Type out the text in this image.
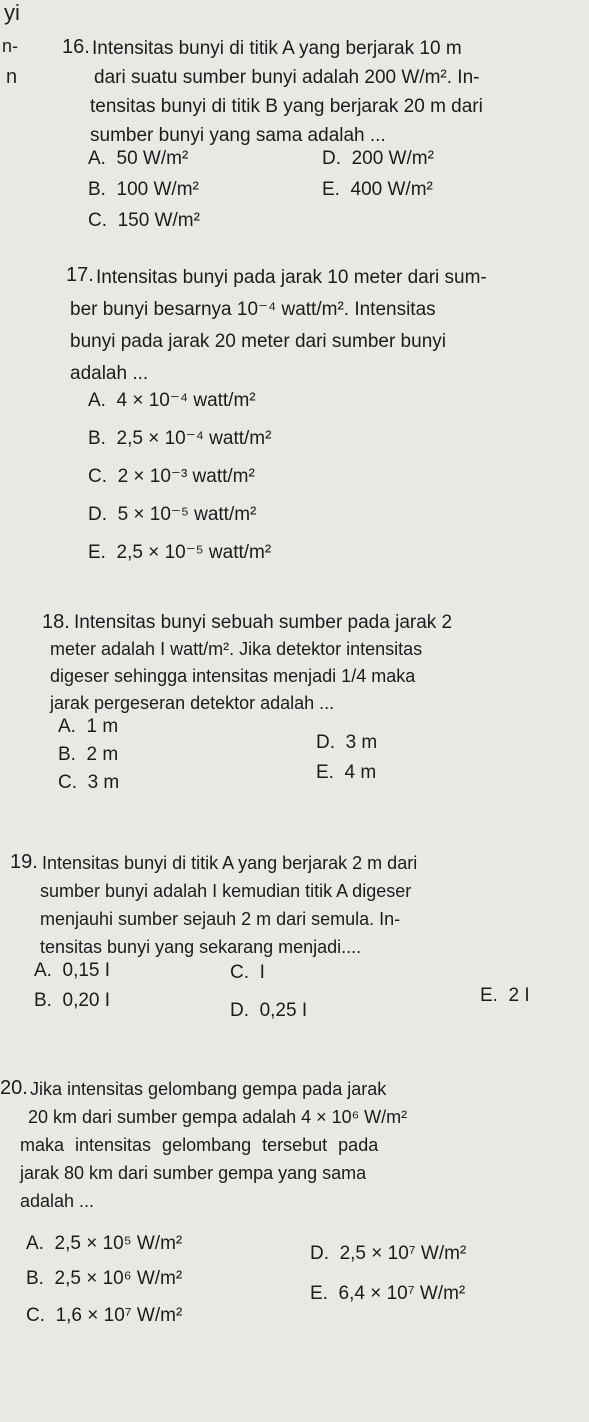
yi
n-
n
16. Intensitas bunyi di titik A yang berjarak 10 m
dari suatu sumber bunyi adalah 200 W/m². In-
tensitas bunyi di titik B yang berjarak 20 m dari
sumber bunyi yang sama adalah ...
A. 50 W/m²
B. 100 W/m²
C. 150 W/m²
D. 200 W/m²
E. 400 W/m²
17. Intensitas bunyi pada jarak 10 meter dari sum-
ber bunyi besarnya 10⁻⁴ watt/m². Intensitas
bunyi pada jarak 20 meter dari sumber bunyi
adalah ...
A. 4 × 10⁻⁴ watt/m²
B. 2,5 × 10⁻⁴ watt/m²
C. 2 × 10⁻³ watt/m²
D. 5 × 10⁻⁵ watt/m²
E. 2,5 × 10⁻⁵ watt/m²
18. Intensitas bunyi sebuah sumber pada jarak 2
meter adalah I watt/m². Jika detektor intensitas
digeser sehingga intensitas menjadi 1/4 maka
jarak pergeseran detektor adalah ...
A. 1 m
B. 2 m
C. 3 m
D. 3 m
E. 4 m
19. Intensitas bunyi di titik A yang berjarak 2 m dari
sumber bunyi adalah I kemudian titik A digeser
menjauhi sumber sejauh 2 m dari semula. In-
tensitas bunyi yang sekarang menjadi....
A. 0,15 I
B. 0,20 I
C. I
D. 0,25 I
E. 2 I
20. Jika intensitas gelombang gempa pada jarak
20 km dari sumber gempa adalah 4 × 10⁶ W/m²
maka intensitas gelombang tersebut pada
jarak 80 km dari sumber gempa yang sama
adalah ...
A. 2,5 × 10⁵ W/m²
B. 2,5 × 10⁶ W/m²
C. 1,6 × 10⁷ W/m²
D. 2,5 × 10⁷ W/m²
E. 6,4 × 10⁷ W/m²
